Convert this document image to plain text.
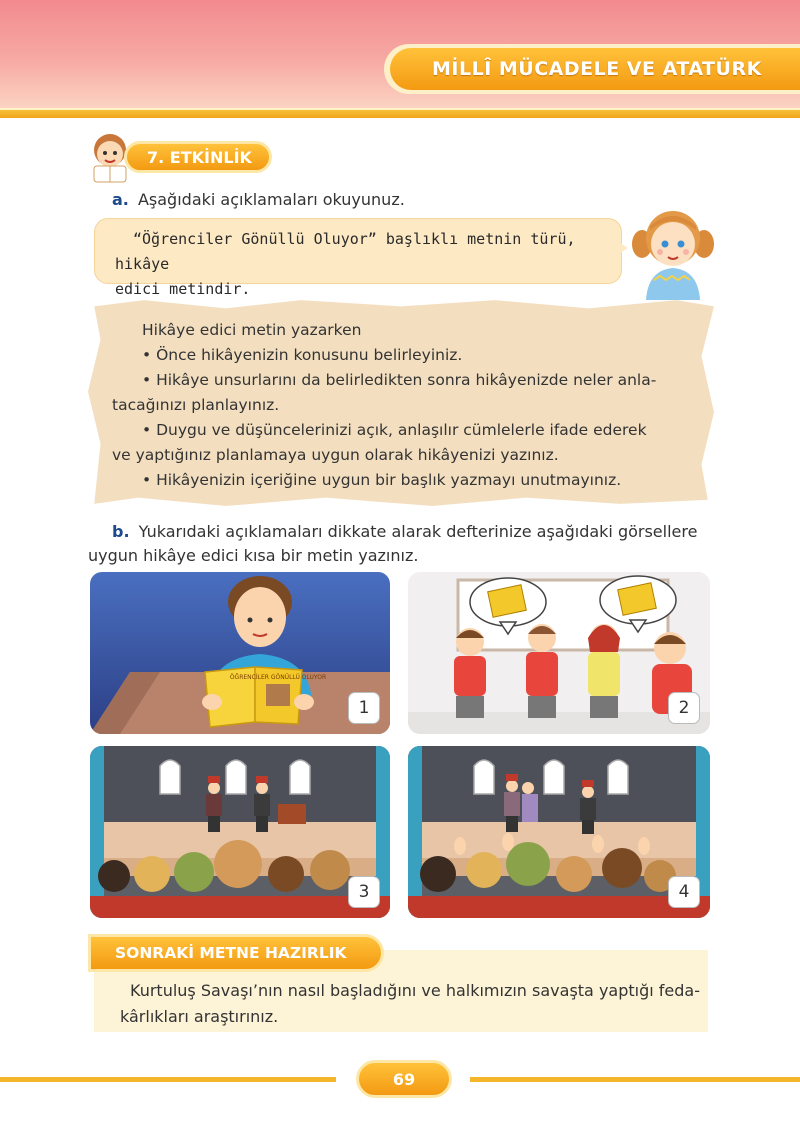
MİLLÎ MÜCADELE VE ATATÜRK
7. ETKİNLİK
a. Aşağıdaki açıklamaları okuyunuz.
“Öğrenciler Gönüllü Oluyor” başlıklı metnin türü, hikâye
edici metindir.
Hikâye edici metin yazarken
• Önce hikâyenizin konusunu belirleyiniz.
• Hikâye unsurlarını da belirledikten sonra hikâyenizde neler anla-
tacağınızı planlayınız.
• Duygu ve düşüncelerinizi açık, anlaşılır cümlelerle ifade ederek
ve yaptığınız planlamaya uygun olarak hikâyenizi yazınız.
• Hikâyenizin içeriğine uygun bir başlık yazmayı unutmayınız.
b. Yukarıdaki açıklamaları dikkate alarak defterinize aşağıdaki görsellere uygun hikâye edici kısa bir metin yazınız.
ÖĞRENCİLER GÖNÜLLÜ OLUYOR
1	2
3	4
SONRAKİ METNE HAZIRLIK
Kurtuluş Savaşı’nın nasıl başladığını ve halkımızın savaşta yaptığı feda- kârlıkları araştırınız.
69
